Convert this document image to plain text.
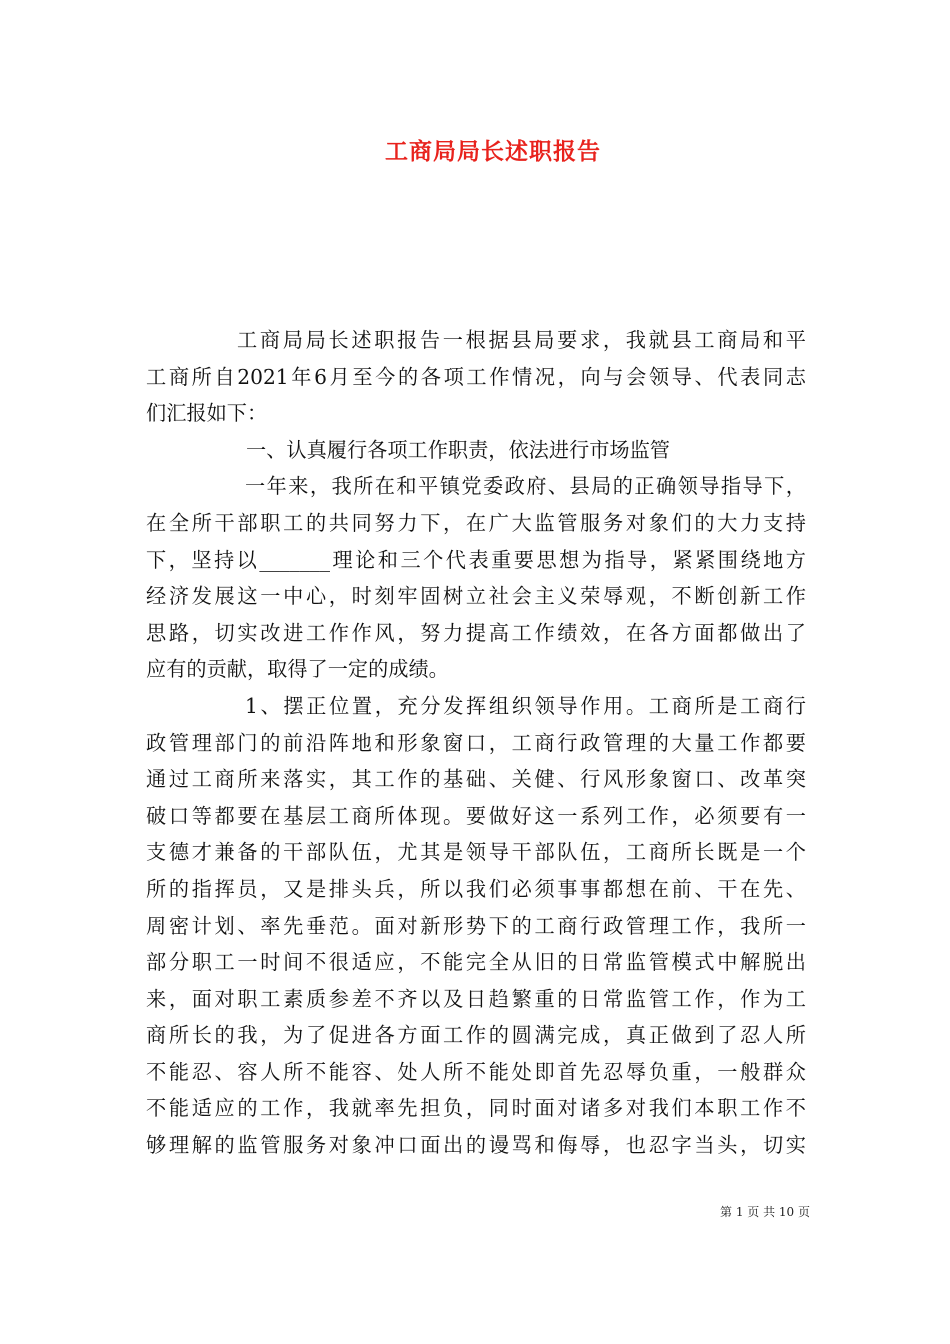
工商局局长述职报告
工商局局长述职报告一根据县局要求，我就县工商局和平
工商所自2021年6月至今的各项工作情况，向与会领导、代表同志
们汇报如下：
一、认真履行各项工作职责，依法进行市场监管
一年来，我所在和平镇党委政府、县局的正确领导指导下，
在全所干部职工的共同努力下，在广大监管服务对象们的大力支持
下，坚持以_______理论和三个代表重要思想为指导，紧紧围绕地方
经济发展这一中心，时刻牢固树立社会主义荣辱观，不断创新工作
思路，切实改进工作作风，努力提高工作绩效，在各方面都做出了
应有的贡献，取得了一定的成绩。
1、摆正位置，充分发挥组织领导作用。工商所是工商行
政管理部门的前沿阵地和形象窗口，工商行政管理的大量工作都要
通过工商所来落实，其工作的基础、关健、行风形象窗口、改革突
破口等都要在基层工商所体现。要做好这一系列工作，必须要有一
支德才兼备的干部队伍，尤其是领导干部队伍，工商所长既是一个
所的指挥员，又是排头兵，所以我们必须事事都想在前、干在先、
周密计划、率先垂范。面对新形势下的工商行政管理工作，我所一
部分职工一时间不很适应，不能完全从旧的日常监管模式中解脱出
来，面对职工素质参差不齐以及日趋繁重的日常监管工作，作为工
商所长的我，为了促进各方面工作的圆满完成，真正做到了忍人所
不能忍、容人所不能容、处人所不能处即首先忍辱负重，一般群众
不能适应的工作，我就率先担负，同时面对诸多对我们本职工作不
够理解的监管服务对象冲口面出的谩骂和侮辱，也忍字当头，切实
第 1 页 共 10 页
